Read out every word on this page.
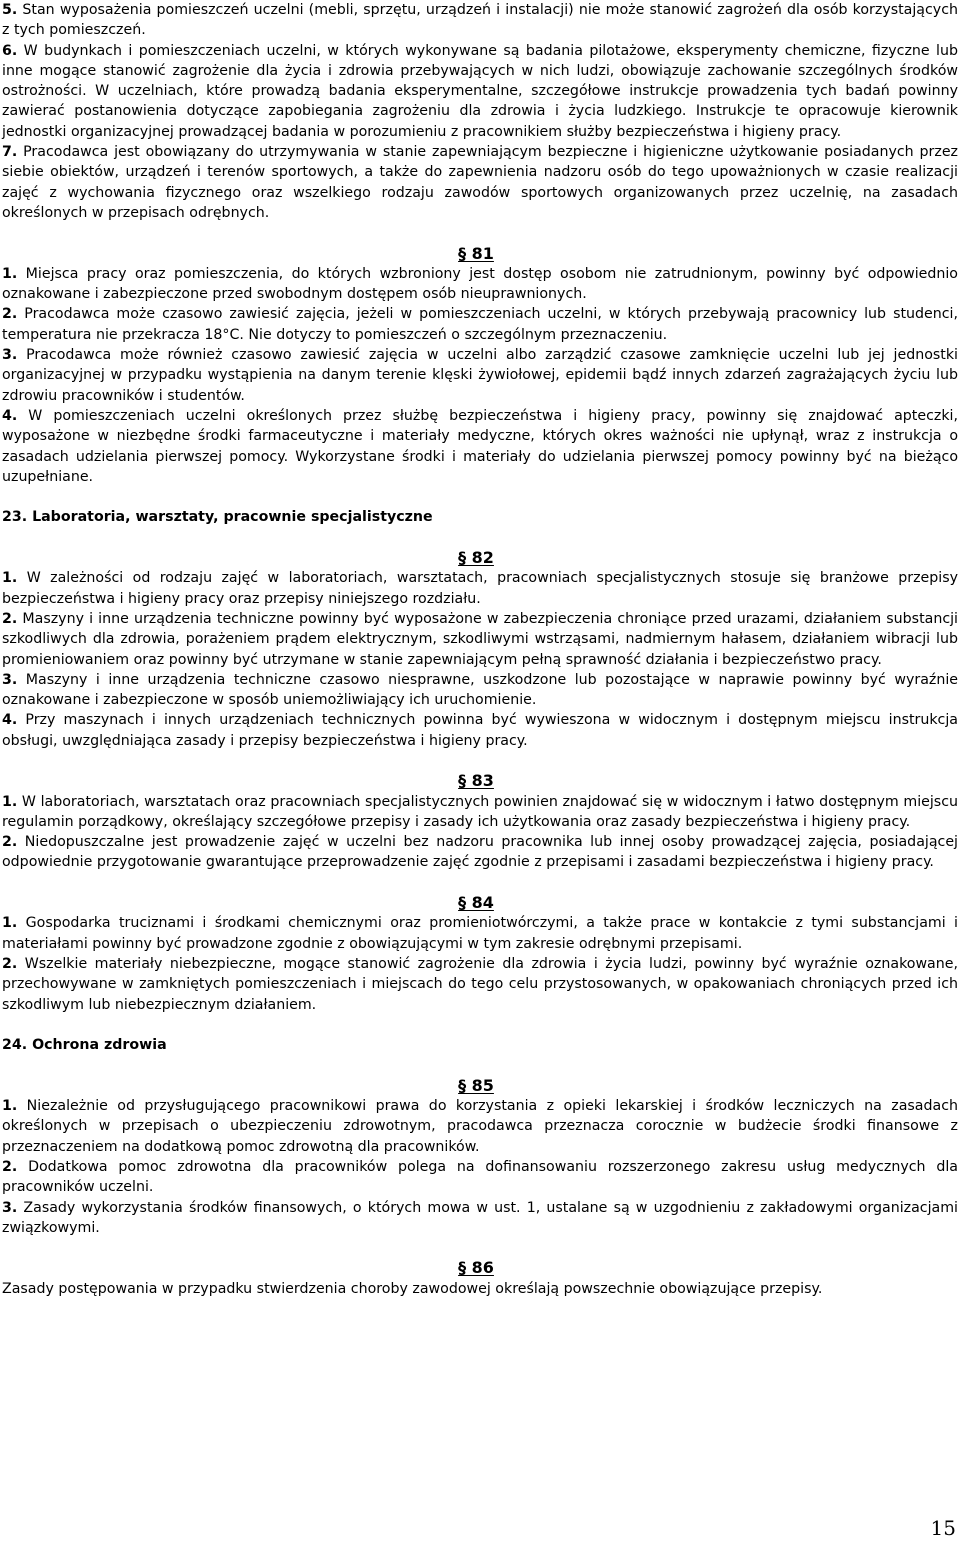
5. Stan wyposażenia pomieszczeń uczelni (mebli, sprzętu, urządzeń i instalacji) nie może stanowić zagrożeń dla osób korzystających z tych pomieszczeń.

6. W budynkach i pomieszczeniach uczelni, w których wykonywane są badania pilotażowe, eksperymenty chemiczne, fizyczne lub inne mogące stanowić zagrożenie dla życia i zdrowia przebywających w nich ludzi, obowiązuje zachowanie szczególnych środków ostrożności. W uczelniach, które prowadzą badania eksperymentalne, szczegółowe instrukcje prowadzenia tych badań powinny zawierać postanowienia dotyczące zapobiegania zagrożeniu dla zdrowia i życia ludzkiego. Instrukcje te opracowuje kierownik jednostki organizacyjnej prowadzącej badania w porozumieniu z pracownikiem służby bezpieczeństwa i higieny pracy.

7. Pracodawca jest obowiązany do utrzymywania w stanie zapewniającym bezpieczne i higieniczne użytkowanie posiadanych przez siebie obiektów, urządzeń i terenów sportowych, a także do zapewnienia nadzoru osób do tego upoważnionych w czasie realizacji zajęć z wychowania fizycznego oraz wszelkiego rodzaju zawodów sportowych organizowanych przez uczelnię, na zasadach określonych w przepisach odrębnych.

§ 81

1. Miejsca pracy oraz pomieszczenia, do których wzbroniony jest dostęp osobom nie zatrudnionym, powinny być odpowiednio oznakowane i zabezpieczone przed swobodnym dostępem osób nieuprawnionych.

2. Pracodawca może czasowo zawiesić zajęcia, jeżeli w pomieszczeniach uczelni, w których przebywają pracownicy lub studenci, temperatura nie przekracza 18°C. Nie dotyczy to pomieszczeń o szczególnym przeznaczeniu.

3. Pracodawca może również czasowo zawiesić zajęcia w uczelni albo zarządzić czasowe zamknięcie uczelni lub jej jednostki organizacyjnej w przypadku wystąpienia na danym terenie klęski żywiołowej, epidemii bądź innych zdarzeń zagrażających życiu lub zdrowiu pracowników i studentów.

4. W pomieszczeniach uczelni określonych przez służbę bezpieczeństwa i higieny pracy, powinny się znajdować apteczki, wyposażone w niezbędne środki farmaceutyczne i materiały medyczne, których okres ważności nie upłynął, wraz z instrukcja o zasadach udzielania pierwszej pomocy. Wykorzystane środki i materiały do udzielania pierwszej pomocy powinny być na bieżąco uzupełniane.

23. Laboratoria, warsztaty, pracownie specjalistyczne

§ 82

1. W zależności od rodzaju zajęć w laboratoriach, warsztatach, pracowniach specjalistycznych stosuje się branżowe przepisy bezpieczeństwa i higieny pracy oraz przepisy niniejszego rozdziału.

2. Maszyny i inne urządzenia techniczne powinny być wyposażone w zabezpieczenia chroniące przed urazami, działaniem substancji szkodliwych dla zdrowia, porażeniem prądem elektrycznym, szkodliwymi wstrząsami, nadmiernym hałasem, działaniem wibracji lub promieniowaniem oraz powinny być utrzymane w stanie zapewniającym pełną sprawność działania i bezpieczeństwo pracy.

3. Maszyny i inne urządzenia techniczne czasowo niesprawne, uszkodzone lub pozostające w naprawie powinny być wyraźnie oznakowane i zabezpieczone w sposób uniemożliwiający ich uruchomienie.

4. Przy maszynach i innych urządzeniach technicznych powinna być wywieszona w widocznym i dostępnym miejscu instrukcja obsługi, uwzględniająca zasady i przepisy bezpieczeństwa i higieny pracy.

§ 83

1. W laboratoriach, warsztatach oraz pracowniach specjalistycznych powinien znajdować się w widocznym i łatwo dostępnym miejscu regulamin porządkowy, określający szczegółowe przepisy i zasady ich użytkowania oraz zasady bezpieczeństwa i higieny pracy.

2. Niedopuszczalne jest prowadzenie zajęć w uczelni bez nadzoru pracownika lub innej osoby prowadzącej zajęcia, posiadającej odpowiednie przygotowanie gwarantujące przeprowadzenie zajęć zgodnie z przepisami i zasadami bezpieczeństwa i higieny pracy.

§ 84

1. Gospodarka truciznami i środkami chemicznymi oraz promieniotwórczymi, a także prace w kontakcie z tymi substancjami i materiałami powinny być prowadzone zgodnie z obowiązującymi w tym zakresie odrębnymi przepisami.

2. Wszelkie materiały niebezpieczne, mogące stanowić zagrożenie dla zdrowia i życia ludzi, powinny być wyraźnie oznakowane, przechowywane w zamkniętych pomieszczeniach i miejscach do tego celu przystosowanych, w opakowaniach chroniących przed ich szkodliwym lub niebezpiecznym działaniem.

24. Ochrona zdrowia

§ 85

1. Niezależnie od przysługującego pracownikowi prawa do korzystania z opieki lekarskiej i środków leczniczych na zasadach określonych w przepisach o ubezpieczeniu zdrowotnym, pracodawca przeznacza corocznie w budżecie środki finansowe z przeznaczeniem na dodatkową pomoc zdrowotną dla pracowników.

2. Dodatkowa pomoc zdrowotna dla pracowników polega na dofinansowaniu rozszerzonego zakresu usług medycznych dla pracowników uczelni.

3. Zasady wykorzystania środków finansowych, o których mowa w ust. 1, ustalane są w uzgodnieniu z zakładowymi organizacjami związkowymi.

§ 86

Zasady postępowania w przypadku stwierdzenia choroby zawodowej określają powszechnie obowiązujące przepisy.

15
